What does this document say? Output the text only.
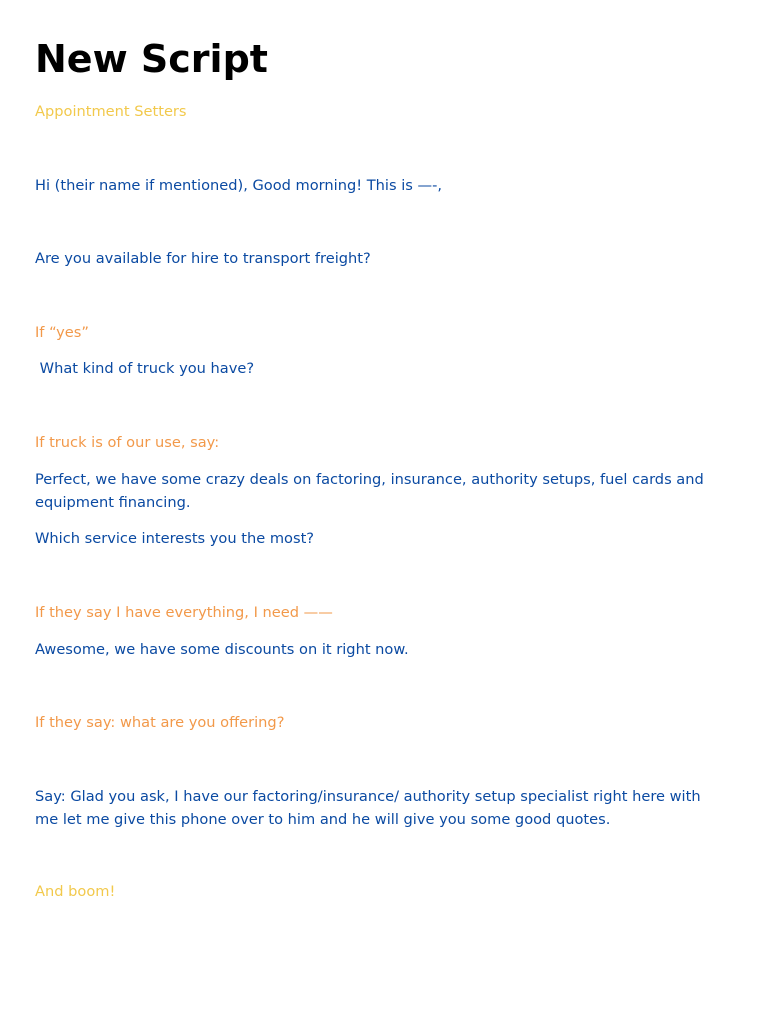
New Script

Appointment Setters

Hi (their name if mentioned), Good morning! This is —-,

Are you available for hire to transport freight?

If “yes”

What kind of truck you have?

If truck is of our use, say:

Perfect, we have some crazy deals on factoring, insurance, authority setups, fuel cards and equipment financing.

Which service interests you the most?

If they say I have everything, I need ——

Awesome, we have some discounts on it right now.

If they say: what are you offering?

Say: Glad you ask, I have our factoring/insurance/ authority setup specialist right here with me let me give this phone over to him and he will give you some good quotes.

And boom!
